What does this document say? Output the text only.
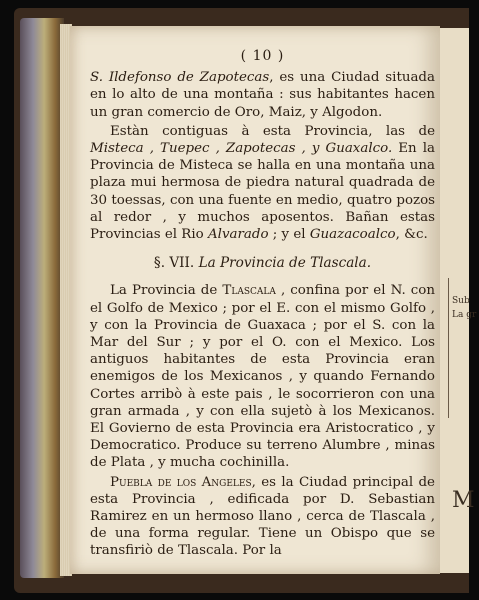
Sub
La gr
M
( 10 )

S. Ildefonso de Zapotecas, es una Ciudad situada en lo alto de una montaña : sus habitantes hacen un gran comercio de Oro, Maiz, y Algodon.

Estàn contiguas à esta Provincia, las de Misteca , Tuepec , Zapotecas , y Guaxalco. En la Provincia de Misteca se halla en una montaña una plaza mui hermosa de piedra natural quadrada de 30 toessas, con una fuente en medio, quatro pozos al redor , y muchos aposentos. Bañan estas Provincias el Rio Alvarado ; y el Guazacoalco, &c.

§. VII. La Provincia de Tlascala.

La Provincia de Tlascala , confina por el N. con el Golfo de Mexico ; por el E. con el mismo Golfo , y con la Provincia de Guaxaca ; por el S. con la Mar del Sur ; y por el O. con el Mexico. Los antiguos habitantes de esta Provincia eran enemigos de los Mexicanos , y quando Fernando Cortes arribò à este pais , le socorrieron con una gran armada , y con ella sujetò à los Mexicanos. El Govierno de esta Provincia era Aristocratico , y Democratico. Produce su terreno Alumbre , minas de Plata , y mucha cochinilla.

Puebla de los Angeles, es la Ciudad principal de esta Provincia , edificada por D. Sebastian Ramirez en un hermoso llano , cerca de Tlascala , de una forma regular. Tiene un Obispo que se transfiriò de Tlascala. Por la
